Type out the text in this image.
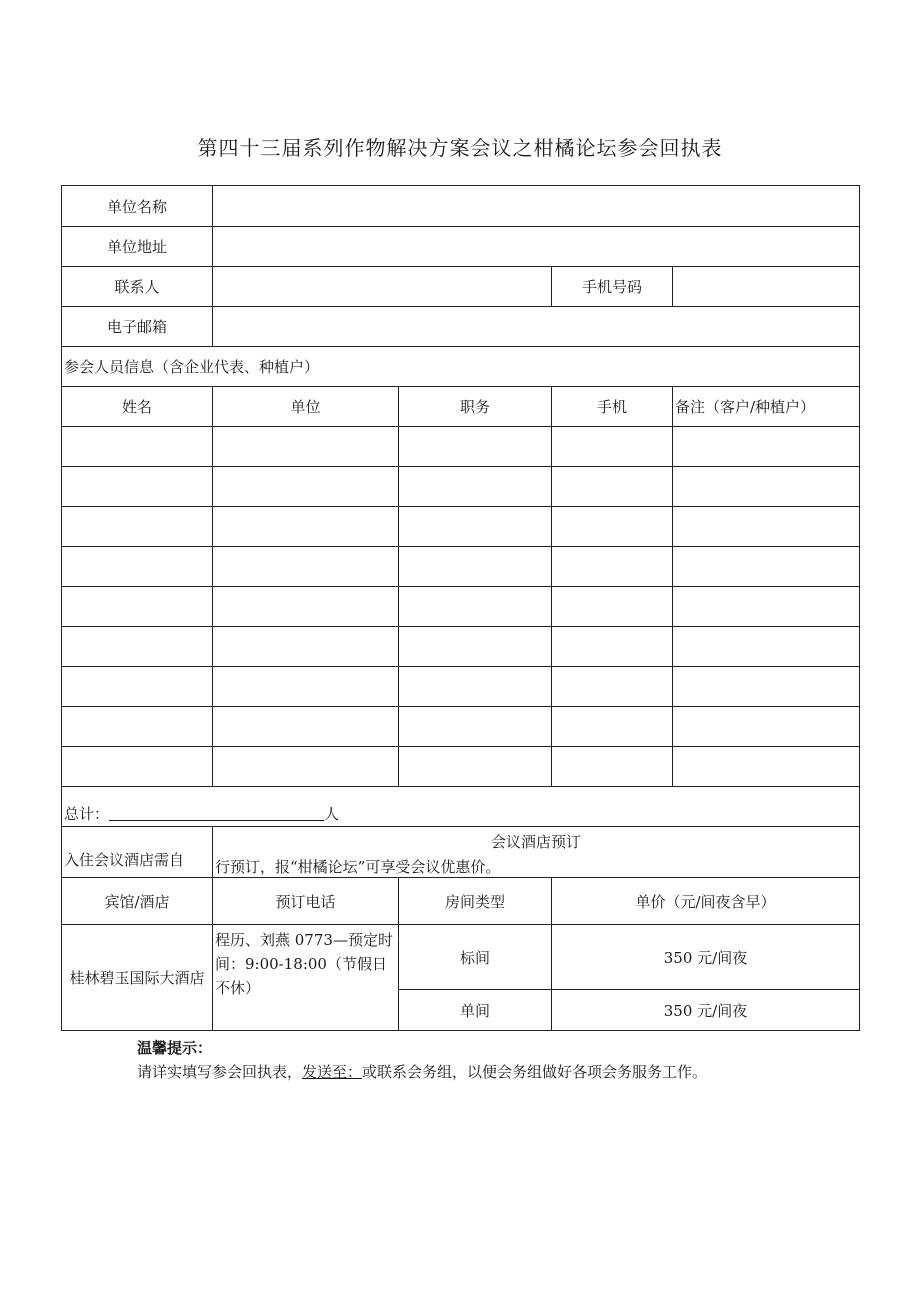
第四十三届系列作物解决方案会议之柑橘论坛参会回执表
单位名称				
单位地址				
联系人			手机号码	
电子邮箱				
参会人员信息（含企业代表、种植户）				
姓名	单位	职务	手机	备注（客户/种植户）

总计： 人				

入住会议酒店需自	会议酒店预订
行预订，报“柑橘论坛”可享受会议优惠价。			

宾馆/酒店	预订电话	房间类型	单价（元/间夜含早）	
桂林碧玉国际大酒店	程历、刘燕 0773—预定时间：9:00-18:00（节假日不休）	标间	350 元/间夜	
		单间	350 元/间夜	
温馨提示：
请详实填写参会回执表，发送至：或联系会务组，以便会务组做好各项会务服务工作。
